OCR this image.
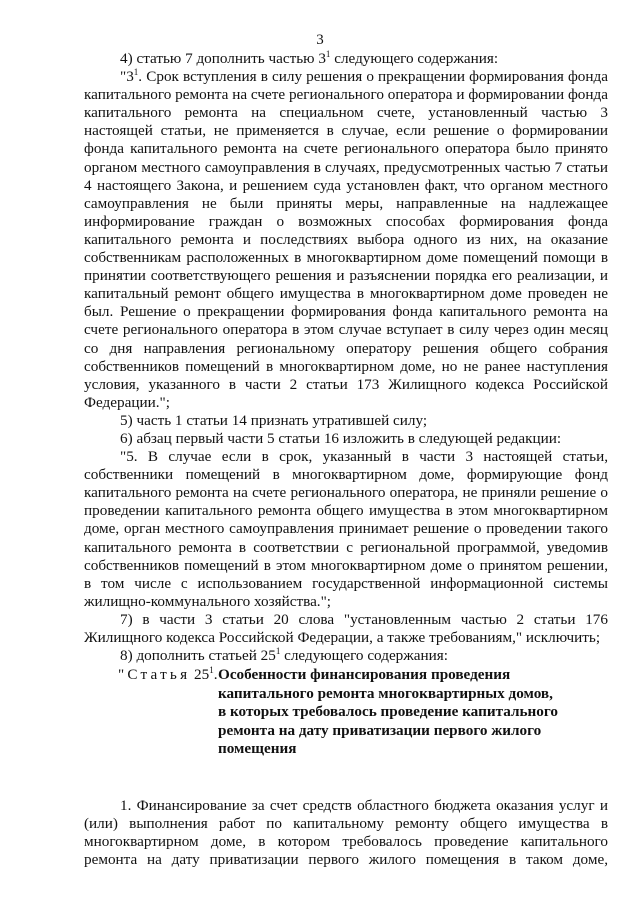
3

4) статью 7 дополнить частью $3^1$ следующего содержания:

"$3^1$. Срок вступления в силу решения о прекращении формирования фонда капитального ремонта на счете регионального оператора и формировании фонда капитального ремонта на специальном счете, установленный частью 3 настоящей статьи, не применяется в случае, если решение о формировании фонда капитального ремонта на счете регионального оператора было принято органом местного самоуправления в случаях, предусмотренных частью 7 статьи 4 настоящего Закона, и решением суда установлен факт, что органом местного самоуправления не были приняты меры, направленные на надлежащее информирование граждан о возможных способах формирования фонда капитального ремонта и последствиях выбора одного из них, на оказание собственникам расположенных в многоквартирном доме помещений помощи в принятии соответствующего решения и разъяснении порядка его реализации, и капитальный ремонт общего имущества в многоквартирном доме проведен не был. Решение о прекращении формирования фонда капитального ремонта на счете регионального оператора в этом случае вступает в силу через один месяц со дня направления региональному оператору решения общего собрания собственников помещений в многоквартирном доме, но не ранее наступления условия, указанного в части 2 статьи 173 Жилищного кодекса Российской Федерации.";

5) часть 1 статьи 14 признать утратившей силу;

6) абзац первый части 5 статьи 16 изложить в следующей редакции:

"5. В случае если в срок, указанный в части 3 настоящей статьи, собственники помещений в многоквартирном доме, формирующие фонд капитального ремонта на счете регионального оператора, не приняли решение о проведении капитального ремонта общего имущества в этом многоквартирном доме, орган местного самоуправления принимает решение о проведении такого капитального ремонта в соответствии с региональной программой, уведомив собственников помещений в этом многоквартирном доме о принятом решении, в том числе с использованием государственной информационной системы жилищно-коммунального хозяйства.";

7) в части 3 статьи 20 слова "установленным частью 2 статьи 176 Жилищного кодекса Российской Федерации, а также требованиям," исключить;

8) дополнить статьей $25^1$ следующего содержания:

"Статья $25^1$. Особенности финансирования проведения
капитального ремонта многоквартирных домов,
в которых требовалось проведение капитального
ремонта на дату приватизации первого жилого
помещения

1. Финансирование за счет средств областного бюджета оказания услуг и (или) выполнения работ по капитальному ремонту общего имущества в многоквартирном доме, в котором требовалось проведение капитального ремонта на дату приватизации первого жилого помещения в таком доме,
